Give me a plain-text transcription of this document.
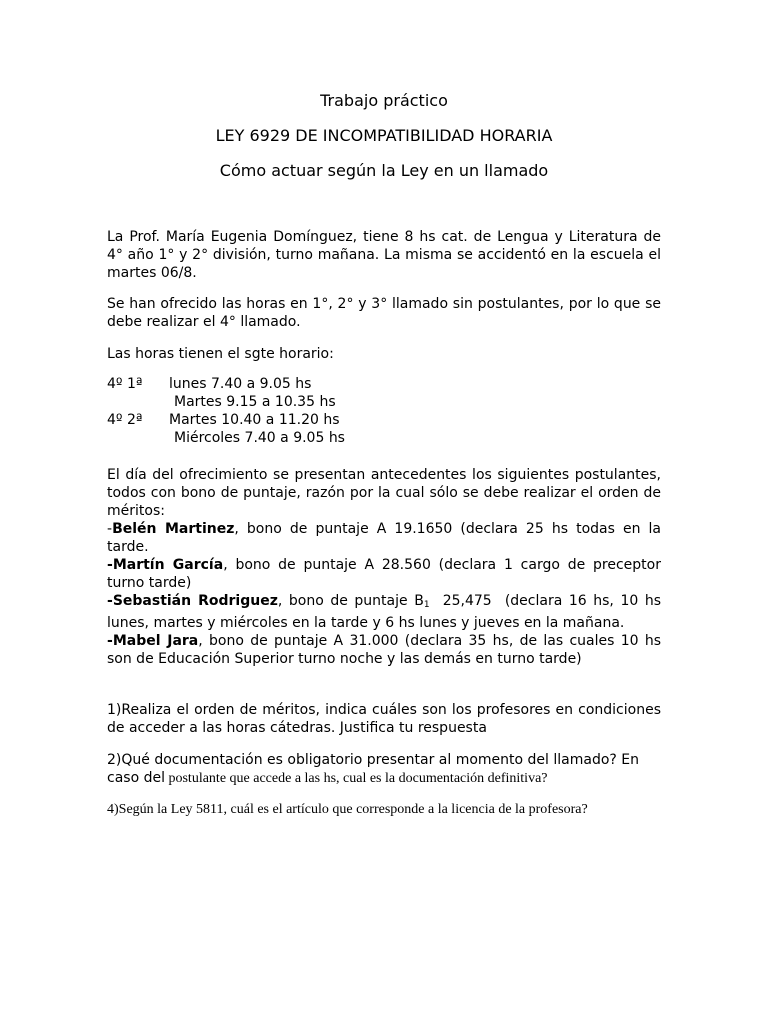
Trabajo práctico
LEY 6929 DE INCOMPATIBILIDAD HORARIA
Cómo actuar según la Ley en un llamado

La Prof. María Eugenia Domínguez, tiene 8 hs cat. de Lengua y Literatura de 4° año 1° y 2° división, turno mañana. La misma se accidentó en la escuela el martes 06/8.

Se han ofrecido las horas en 1°, 2° y 3° llamado sin postulantes, por lo que se debe realizar el 4° llamado.

Las horas tienen el sgte horario:

4º 1ª lunes 7.40 a 9.05 hs
Martes 9.15 a 10.35 hs
4º 2ª Martes 10.40 a 11.20 hs
Miércoles 7.40 a 9.05 hs

El día del ofrecimiento se presentan antecedentes los siguientes postulantes, todos con bono de puntaje, razón por la cual sólo se debe realizar el orden de méritos:

-Belén Martinez, bono de puntaje A 19.1650 (declara 25 hs todas en la tarde.

-Martín García, bono de puntaje A 28.560 (declara 1 cargo de preceptor turno tarde)

-Sebastián Rodriguez, bono de puntaje $B_1$  25,475  (declara 16 hs, 10 hs lunes, martes y miércoles en la tarde y 6 hs lunes y jueves en la mañana.

-Mabel Jara, bono de puntaje A 31.000 (declara 35 hs, de las cuales 10 hs son de Educación Superior turno noche y las demás en turno tarde)

1)Realiza el orden de méritos, indica cuáles son los profesores en condiciones de acceder a las horas cátedras. Justifica tu respuesta

2)Qué documentación es obligatorio presentar al momento del llamado? En caso del postulante que accede a las hs, cual es la documentación definitiva?

4)Según la Ley 5811, cuál es el artículo que corresponde a la licencia de la profesora?
